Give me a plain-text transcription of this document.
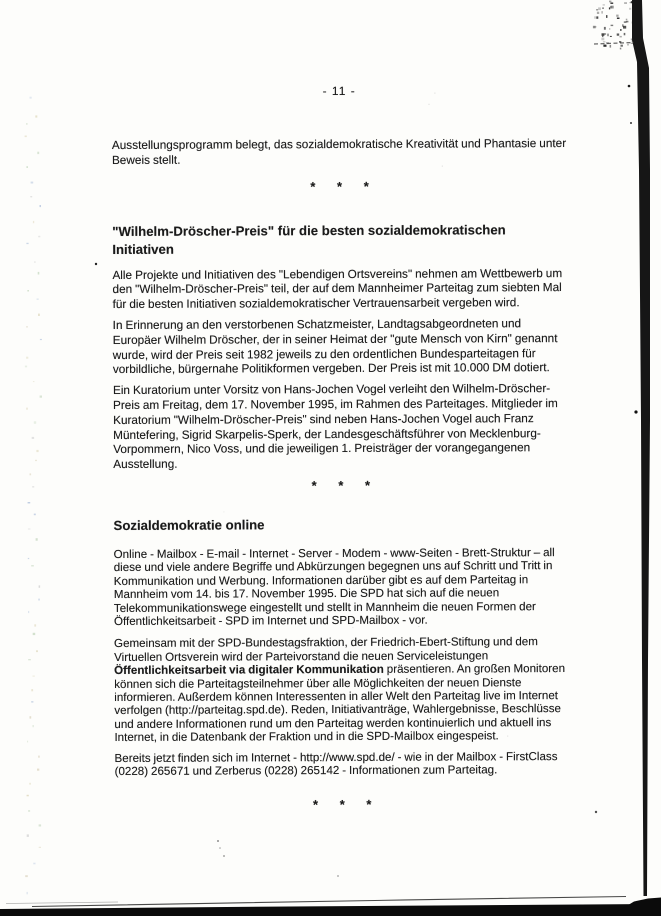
- 11 -

Ausstellungsprogramm belegt, das sozialdemokratische Kreativität und Phantasie unter Beweis stellt.

* * *
"Wilhelm-Dröscher-Preis" für die besten sozialdemokratischen Initiativen

Alle Projekte und Initiativen des "Lebendigen Ortsvereins" nehmen am Wettbewerb um den "Wilhelm-Dröscher-Preis" teil, der auf dem Mannheimer Parteitag zum siebten Mal für die besten Initiativen sozialdemokratischer Vertrauensarbeit vergeben wird.

In Erinnerung an den verstorbenen Schatzmeister, Landtagsabgeordneten und Europäer Wilhelm Dröscher, der in seiner Heimat der "gute Mensch von Kirn" genannt wurde, wird der Preis seit 1982 jeweils zu den ordentlichen Bundesparteitagen für vorbildliche, bürgernahe Politikformen vergeben. Der Preis ist mit 10.000 DM dotiert.

Ein Kuratorium unter Vorsitz von Hans-Jochen Vogel verleiht den Wilhelm-Dröscher-Preis am Freitag, dem 17. November 1995, im Rahmen des Parteitages. Mitglieder im Kuratorium "Wilhelm-Dröscher-Preis" sind neben Hans-Jochen Vogel auch Franz Müntefering, Sigrid Skarpelis-Sperk, der Landesgeschäftsführer von Mecklenburg-Vorpommern, Nico Voss, und die jeweiligen 1. Preisträger der vorangegangenen Ausstellung.

* * *
Sozialdemokratie online

Online - Mailbox - E-mail - Internet - Server - Modem - www-Seiten - Brett-Struktur – all diese und viele andere Begriffe und Abkürzungen begegnen uns auf Schritt und Tritt in Kommunikation und Werbung. Informationen darüber gibt es auf dem Parteitag in Mannheim vom 14. bis 17. November 1995. Die SPD hat sich auf die neuen Telekommunikationswege eingestellt und stellt in Mannheim die neuen Formen der Öffentlichkeitsarbeit - SPD im Internet und SPD-Mailbox - vor.

Gemeinsam mit der SPD-Bundestagsfraktion, der Friedrich-Ebert-Stiftung und dem Virtuellen Ortsverein wird der Parteivorstand die neuen Serviceleistungen Öffentlichkeitsarbeit via digitaler Kommunikation präsentieren. An großen Monitoren können sich die Parteitagsteilnehmer über alle Möglichkeiten der neuen Dienste informieren. Außerdem können Interessenten in aller Welt den Parteitag live im Internet verfolgen (http://parteitag.spd.de). Reden, Initiativanträge, Wahlergebnisse, Beschlüsse und andere Informationen rund um den Parteitag werden kontinuierlich und aktuell ins Internet, in die Datenbank der Fraktion und in die SPD-Mailbox eingespeist.

Bereits jetzt finden sich im Internet - http://www.spd.de/ - wie in der Mailbox - FirstClass (0228) 265671 und Zerberus (0228) 265142 - Informationen zum Parteitag.

* * *
